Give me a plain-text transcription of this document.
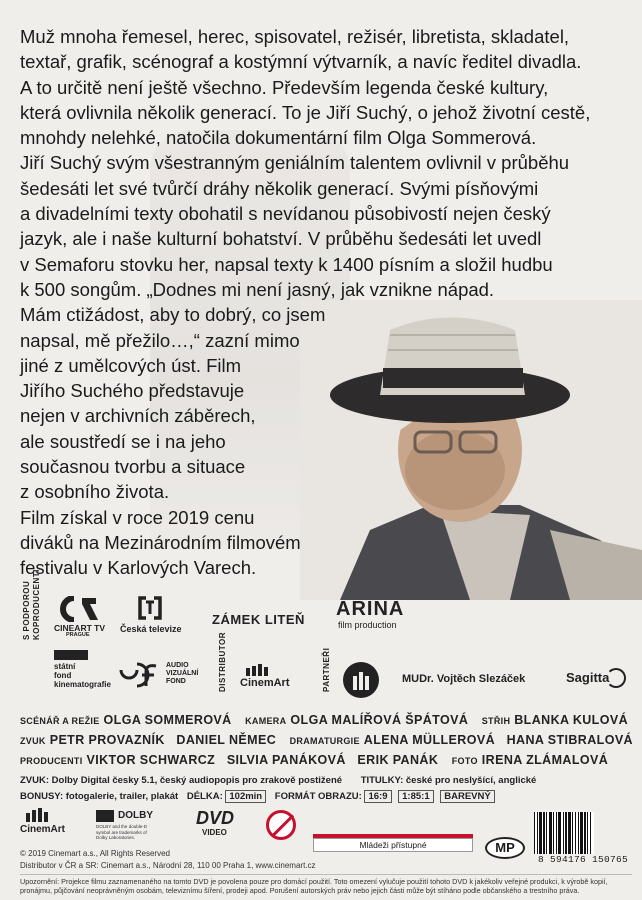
Muž mnoha řemesel, herec, spisovatel, režisér, libretista, skladatel,
textař, grafik, scénograf a kostýmní výtvarník, a navíc ředitel divadla.
A to určitě není ještě všechno. Především legenda české kultury,
která ovlivnila několik generací. To je Jiří Suchý, o jehož životní cestě,
mnohdy nelehké, natočila dokumentární film Olga Sommerová.
Jiří Suchý svým všestranným geniálním talentem ovlivnil v průběhu
šedesáti let své tvůrčí dráhy několik generací. Svými písňovými
a divadelními texty obohatil s nevídanou působivostí nejen český
jazyk, ale i naše kulturní bohatství. V průběhu šedesáti let uvedl
v Semaforu stovku her, napsal texty k 1400 písním a složil hudbu
k 500 songům. „Dodnes mi není jasný, jak vznikne nápad.

Mám ctižádost, aby to dobrý, co jsem
napsal, mě přežilo…,“ zazní mimo
jiné z umělcových úst. Film
Jiřího Suchého představuje
nejen v archivních záběrech,
ale soustředí se i na jeho
současnou tvorbu a situace
z osobního života.
Film získal v roce 2019 cenu
diváků na Mezinárodním filmovém
festivalu v Karlových Varech.

S PODPOROU KOPRODUCENTI CINEART TV
PRAGUE
Česká televize
ZÁMEK LITEŇ ARINA
film production
státní
fond
kinematografie
AUDIO VIZUÁLNÍ FOND	DISTRIBUTOR CinemArt	PARTNEŘI	MUDr. Vojtěch Slezáček	Sagitta
SCÉNÁŘ A REŽIE OLGA SOMMEROVÁ KAMERA OLGA MALÍŘOVÁ ŠPÁTOVÁ STŘIH BLANKA KULOVÁ
ZVUK PETR PROVAZNÍK   DANIEL NĚMEC DRAMATURGIE ALENA MÜLLEROVÁ   HANA STIBRALOVÁ
PRODUCENTI VIKTOR SCHWARCZ   SILVIA PANÁKOVÁ   ERIK PANÁK FOTO IRENA ZLÁMALOVÁ
ZVUK: Dolby Digital česky 5.1, český audiopopis pro zrakově postižené TITULKY: české pro neslyšící, anglické
BONUSY: fotogalerie, trailer, plakát DÉLKA: 102min FORMÁT OBRAZU: 16:9 1:85:1 BAREVNÝ
CinemArt
DOLBY
DOLBY and the double-D symbol are trademarks of Dolby Laboratories.
DVD
VIDEO
Mládeži přístupné	MP
8 594176 150765
© 2019 Cinemart a.s., All Rights Reserved
Distributor v ČR a SR: Cinemart a.s., Národní 28, 110 00 Praha 1, www.cinemart.cz
Upozornění: Projekce filmu zaznamenaného na tomto DVD je povolena pouze pro domácí použití. Toto omezení vylučuje použití tohoto DVD k jakékoliv veřejné produkci, k výrobě kopií, pronájmu, půjčování neoprávněným osobám, televiznímu šíření, prodeji apod. Porušení autorských práv nebo jejich části může být stíháno podle občanského a trestního práva.
